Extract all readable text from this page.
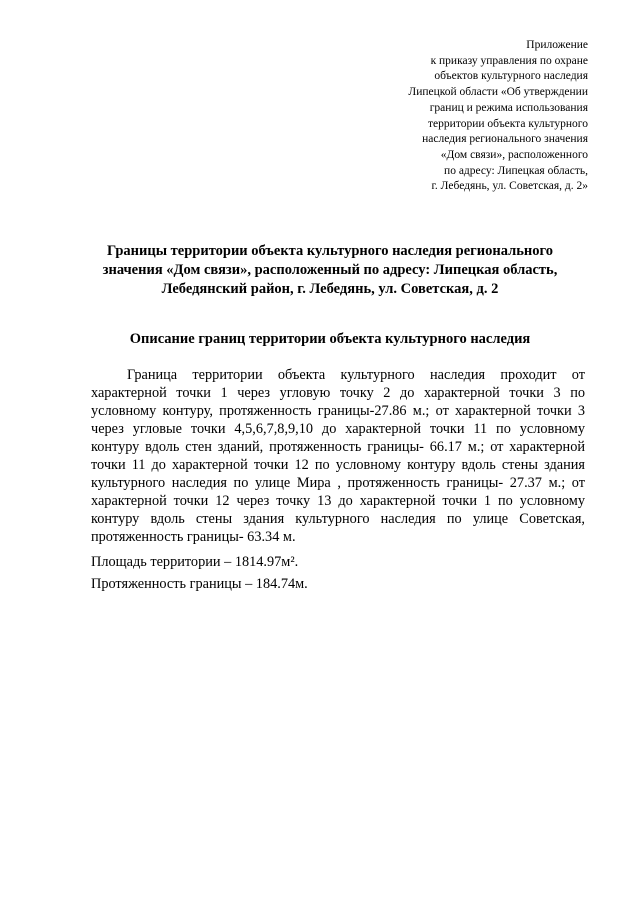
Приложение
к приказу управления по охране
объектов культурного наследия
Липецкой области «Об утверждении
границ и режима использования
территории объекта культурного
наследия регионального значения
«Дом связи», расположенного
по адресу: Липецкая область,
г. Лебедянь, ул. Советская, д. 2»
Границы территории объекта культурного наследия регионального
значения «Дом связи», расположенный по адресу: Липецкая область,
Лебедянский район, г. Лебедянь, ул. Советская, д. 2
Описание границ территории объекта культурного наследия

Граница территории объекта культурного наследия проходит от характерной точки 1 через угловую точку 2 до характерной точки 3 по условному контуру, протяженность границы-27.86 м.; от характерной точки 3 через угловые точки 4,5,6,7,8,9,10 до характерной точки 11 по условному контуру вдоль стен зданий, протяженность границы- 66.17 м.; от характерной точки 11 до характерной точки 12 по условному контуру вдоль стены здания культурного наследия по улице Мира , протяженность границы- 27.37 м.; от характерной точки 12 через точку 13 до характерной точки 1 по условному контуру вдоль стены здания культурного наследия по улице Советская, протяженность границы- 63.34 м.

Площадь территории – 1814.97м².
Протяженность границы – 184.74м.
